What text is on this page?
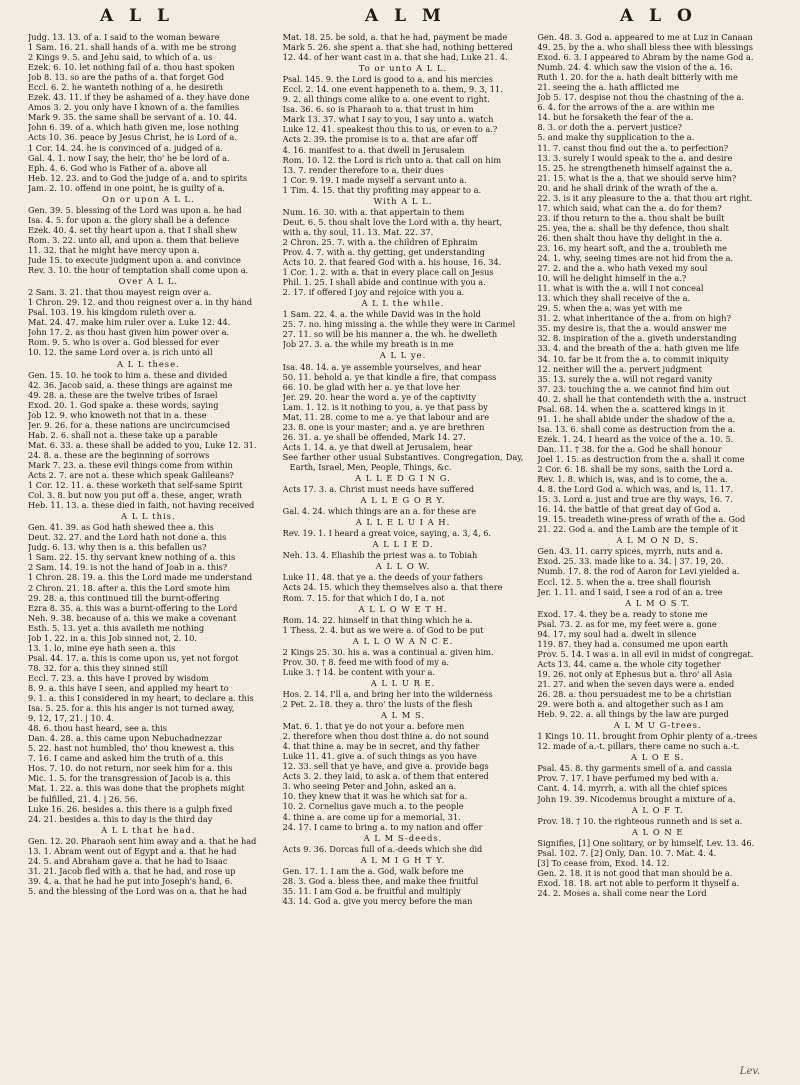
A L L	A L M	A L O

Judg. 13. 13. of a. I said to the woman beware

1 Sam. 16. 21. shall hands of a. with me be strong

2 Kings 9. 5. and Jehu said, to which of a. us

Ezek. 6. 10. let nothing fail of a. thou hast spoken

Job 8. 13. so are the paths of a. that forget God

Eccl. 6. 2. he wanteth nothing of a. he desireth

Ezek. 43. 11. if they be ashamed of a. they have done

Amos 3. 2. you only have I known of a. the families

Mark 9. 35. the same shall be servant of a. 10. 44.

John 6. 39. of a. which hath given me, lose nothing

Acts 10. 36. peace by Jesus Christ, he is Lord of a.

1 Cor. 14. 24. he is convinced of a. judged of a.

Gal. 4. 1. now I say, the heir, tho' he be lord of a.

Eph. 4. 6. God who is Father of a. above all

Heb. 12. 23. and to God the judge of a. and to spirits

Jam. 2. 10. offend in one point, he is guilty of a.

On or upon A L L.

Gen. 39. 5. blessing of the Lord was upon a. he had

Isa. 4. 5. for upon a. the glory shall be a defence

Ezek. 40. 4. set thy heart upon a. that I shall shew

Rom. 3. 22. unto all, and upon a. them that believe

11. 32. that he might have mercy upon a.

Jude 15. to execute judgment upon a. and convince

Rev. 3. 10. the hour of temptation shall come upon a.

Over A L L.

2 Sam. 3. 21. that thou mayest reign over a.

1 Chron. 29. 12. and thou reignest over a. in thy hand

Psal. 103. 19. his kingdom ruleth over a.

Mat. 24. 47. make him ruler over a. Luke 12. 44.

John 17. 2. as thou hast given him power over a.

Rom. 9. 5. who is over a. God blessed for ever

10. 12. the same Lord over a. is rich unto all

A L L these.

Gen. 15. 10. he took to him a. these and divided

42. 36. Jacob said, a. these things are against me

49. 28. a. these are the twelve tribes of Israel

Exod. 20. 1. God spake a. these words, saying

Job 12. 9. who knoweth not that in a. these

Jer. 9. 26. for a. these nations are uncircumcised

Hab. 2. 6. shall not a. these take up a parable

Mat. 6. 33. a. these shall be added to you, Luke 12. 31.

24. 8. a. these are the beginning of sorrows

Mark 7. 23. a. these evil things come from within

Acts 2. 7. are not a. these which speak Galileans?

1 Cor. 12. 11. a. these worketh that self-same Spirit

Col. 3. 8. but now you put off a. these, anger, wrath

Heb. 11. 13. a. these died in faith, not having received

A L L this.

Gen. 41. 39. as God hath shewed thee a. this

Deut. 32. 27. and the Lord hath not done a. this

Judg. 6. 13. why then is a. this befallen us?

1 Sam. 22. 15. thy servant knew nothing of a. this

2 Sam. 14. 19. is not the hand of Joab in a. this?

1 Chron. 28. 19. a. this the Lord made me understand

2 Chron. 21. 18. after a. this the Lord smote him

29. 28. a. this continued till the burnt-offering

Ezra 8. 35. a. this was a burnt-offering to the Lord

Neh. 9. 38. because of a. this we make a covenant

Esth. 5. 13. yet a. this availeth me nothing

Job 1. 22. in a. this Job sinned not, 2. 10.

13. 1. lo, mine eye hath seen a. this

Psal. 44. 17. a. this is come upon us, yet not forgot

78. 32. for a. this they sinned still

Eccl. 7. 23. a. this have I proved by wisdom

8. 9. a. this have I seen, and applied my heart to

9. 1. a. this I considered in my heart, to declare a. this

Isa. 5. 25. for a. this his anger is not turned away,

9. 12, 17, 21. | 10. 4.

48. 6. thou hast heard, see a. this

Dan. 4. 28. a. this came upon Nebuchadnezzar

5. 22. hast not humbled, tho' thou knewest a. this

7. 16. I came and asked him the truth of a. this

Hos. 7. 10. do not return, nor seek him for a. this

Mic. 1. 5. for the transgression of Jacob is a. this

Mat. 1. 22. a. this was done that the prophets might

be fulfilled, 21. 4. | 26. 56.

Luke 16. 26. besides a. this there is a gulph fixed

24. 21. besides a. this to day is the third day

A L L that he had.

Gen. 12. 20. Pharaoh sent him away and a. that he had

13. 1. Abram went out of Egypt and a. that he had

24. 5. and Abraham gave a. that he had to Isaac

31. 21. Jacob fled with a. that he had, and rose up

39. 4. a. that he had he put into Joseph's hand, 6.

5. and the blessing of the Lord was on a. that he had

Mat. 18. 25. be sold, a. that he had, payment be made

Mark 5. 26. she spent a. that she had, nothing bettered

12. 44. of her want cast in a. that she had, Luke 21. 4.

To or unto A L L.

Psal. 145. 9. the Lord is good to a. and his mercies

Eccl. 2. 14. one event happeneth to a. them, 9. 3, 11.

9. 2. all things come alike to a. one event to right.

Isa. 36. 6. so is Pharaoh to a. that trust in him

Mark 13. 37. what I say to you, I say unto a. watch

Luke 12. 41. speakest thou this to us, or even to a.?

Acts 2. 39. the promise is to a. that are afar off

4. 16. manifest to a. that dwell in Jerusalem

Rom. 10. 12. the Lord is rich unto a. that call on him

13. 7. render therefore to a. their dues

1 Cor. 9. 19. I made myself a servant unto a.

1 Tim. 4. 15. that thy profiting may appear to a.

With A L L.

Num. 16. 30. with a. that appertain to them

Deut. 6. 5. thou shalt love the Lord with a. thy heart,

with a. thy soul, 11. 13. Mat. 22. 37.

2 Chron. 25. 7. with a. the children of Ephraim

Prov. 4. 7. with a. thy getting, get understanding

Acts 10. 2. that feared God with a. his house, 16. 34.

1 Cor. 1. 2. with a. that in every place call on Jesus

Phil. 1. 25. I shall abide and continue with you a.

2. 17. if offered I joy and rejoice with you a.

A L L the while.

1 Sam. 22. 4. a. the while David was in the hold

25. 7. no. hing missing a. the while they were in Carmel

27. 11. so will be his manner a. the wh. he dwelleth

Job 27. 3. a. the while my breath is in me

A L L ye.

Isa. 48. 14. a. ye assemble yourselves, and hear

50. 11. behold a. ye that kindle a fire, that compass

66. 10. be glad with her a. ye that love her

Jer. 29. 20. hear the word a. ye of the captivity

Lam. 1. 12. is it nothing to you, a. ye that pass by

Mat. 11. 28. come to me a. ye that labour and are

23. 8. one is your master; and a. ye are brethren

26. 31. a. ye shall be offended, Mark 14. 27.

Acts 1. 14. a. ye that dwell at Jerusalem, hear

See farther other usual Substantives. Congregation, Day, Earth, Israel, Men, People, Things, &c.

A L L E D G I N G.

Acts 17. 3. a. Christ must needs have suffered

A L L E G O R Y.

Gal. 4. 24. which things are an a. for these are

A L L E L U I A H.

Rev. 19. 1. I heard a great voice, saying, a. 3, 4, 6.

A L L I E D.

Neh. 13. 4. Eliashib the priest was a. to Tobiah

A L L O W.

Luke 11. 48. that ye a. the deeds of your fathers

Acts 24. 15. which they themselves also a. that there

Rom. 7. 15. for that which I do, I a. not

A L L O W E T H.

Rom. 14. 22. himself in that thing which he a.

1 Thess. 2. 4. but as we were a. of God to be put

A L L O W A N C E.

2 Kings 25. 30. his a. was a continual a. given him.

Prov. 30. † 8. feed me with food of my a.

Luke 3. † 14. be content with your a.

A L L U R E.

Hos. 2. 14. I'll a. and bring her into the wilderness

2 Pet. 2. 18. they a. thro' the lusts of the flesh

A L M S.

Mat. 6. 1. that ye do not your a. before men

2. therefore when thou dost thine a. do not sound

4. that thine a. may be in secret, and thy father

Luke 11. 41. give a. of such things as you have

12. 33. sell that ye have, and give a. provide bags

Acts 3. 2. they laid, to ask a. of them that entered

3. who seeing Peter and John, asked an a.

10. they knew that it was he which sat for a.

10. 2. Cornelius gave much a. to the people

4. thine a. are come up for a memorial, 31.

24. 17. I came to bring a. to my nation and offer

A L M S-deeds.

Acts 9. 36. Dorcas full of a.-deeds which she did

A L M I G H T Y.

Gen. 17. 1. I am the a. God, walk before me

28. 3. God a. bless thee, and make thee fruitful

35. 11. I am God a. be fruitful and multiply

43. 14. God a. give you mercy before the man

Gen. 48. 3. God a. appeared to me at Luz in Canaan

49. 25. by the a. who shall bless thee with blessings

Exod. 6. 3. I appeared to Abram by the name God a.

Numb. 24. 4. which saw the vision of the a. 16.

Ruth 1. 20. for the a. hath dealt bitterly with me

21. seeing the a. hath afflicted me

Job 5. 17. despise not thou the chastning of the a.

6. 4. for the arrows of the a. are within me

14. but he forsaketh the fear of the a.

8. 3. or doth the a. pervert justice?

5. and make thy supplication to the a.

11. 7. canst thou find out the a. to perfection?

13. 3. surely I would speak to the a. and desire

15. 25. he strengtheneth himself against the a.

21. 15. what is the a. that we should serve him?

20. and he shall drink of the wrath of the a.

22. 3. is it any pleasure to the a. that thou art right.

17. which said, what can the a. do for them?

23. if thou return to the a. thou shalt be built

25. yea, the a. shall be thy defence, thou shalt

26. then shalt thou have thy delight in the a.

23. 16. my heart soft, and the a. troubleth me

24. 1. why, seeing times are not hid from the a.

27. 2. and the a. who hath vexed my soul

10. will he delight himself in the a.?

11. what is with the a. will I not conceal

13. which they shall receive of the a.

29. 5. when the a. was yet with me

31. 2. what inheritance of the a. from on high?

35. my desire is, that the a. would answer me

32. 8. inspiration of the a. giveth understanding

33. 4. and the breath of the a. hath given me life

34. 10. far be it from the a. to commit iniquity

12. neither will the a. pervert judgment

35. 13. surely the a. will not regard vanity

37. 23. touching the a. we cannot find him out

40. 2. shall he that contendeth with the a. instruct

Psal. 68. 14. when the a. scattered kings in it

91. 1. he shall abide under the shadow of the a.

Isa. 13. 6. shall come as destruction from the a.

Ezek. 1. 24. I heard as the voice of the a. 10. 5.

Dan. 11. † 38. for the a. God he shall honour

Joel 1. 15. as destruction from the a. shall it come

2 Cor. 6. 18. shall be my sons, saith the Lord a.

Rev. 1. 8. which is, was, and is to come, the a.

4. 8. the Lord God a. which was, and is, 11. 17.

15. 3. Lord a. just and true are thy ways, 16. 7.

16. 14. the battle of that great day of God a.

19. 15. treadeth wine-press of wrath of the a. God

21. 22. God a. and the Lamb are the temple of it

A L M O N D, S.

Gen. 43. 11. carry spices, myrrh, nuts and a.

Exod. 25. 33. made like to a. 34. | 37. 19, 20.

Numb. 17. 8. the rod of Aaron for Levi yielded a.

Eccl. 12. 5. when the a. tree shall flourish

Jer. 1. 11. and I said, I see a rod of an a. tree

A L M O S T.

Exod. 17. 4. they be a. ready to stone me

Psal. 73. 2. as for me, my feet were a. gone

94. 17. my soul had a. dwelt in silence

119. 87. they had a. consumed me upon earth

Prov. 5. 14. I was a. in all evil in midst of congregat.

Acts 13. 44. came a. the whole city together

19. 26. not only at Ephesus but a. thro' all Asia

21. 27. and when the seven days were a. ended

26. 28. a. thou persuadest me to be a christian

29. were both a. and altogether such as I am

Heb. 9. 22. a. all things by the law are purged

A L M U G-trees.

1 Kings 10. 11. brought from Ophir plenty of a.-trees

12. made of a.-t. pillars, there came no such a.-t.

A L O E S.

Psal. 45. 8. thy garments smell of a. and cassia

Prov. 7. 17. I have perfumed my bed with a.

Cant. 4. 14. myrrh, a. with all the chief spices

John 19. 39. Nicodemus brought a mixture of a.

A L O F T.

Prov. 18. † 10. the righteous runneth and is set a.

A L O N E

Signifies, [1] One solitary, or by himself, Lev. 13. 46.

Psal. 102. 7. [2] Only, Dan. 10. 7. Mat. 4. 4.

[3] To cease from, Exod. 14. 12.

Gen. 2. 18. it is not good that man should be a.

Exod. 18. 18. art not able to perform it thyself a.

24. 2. Moses a. shall come near the Lord

Lev.
